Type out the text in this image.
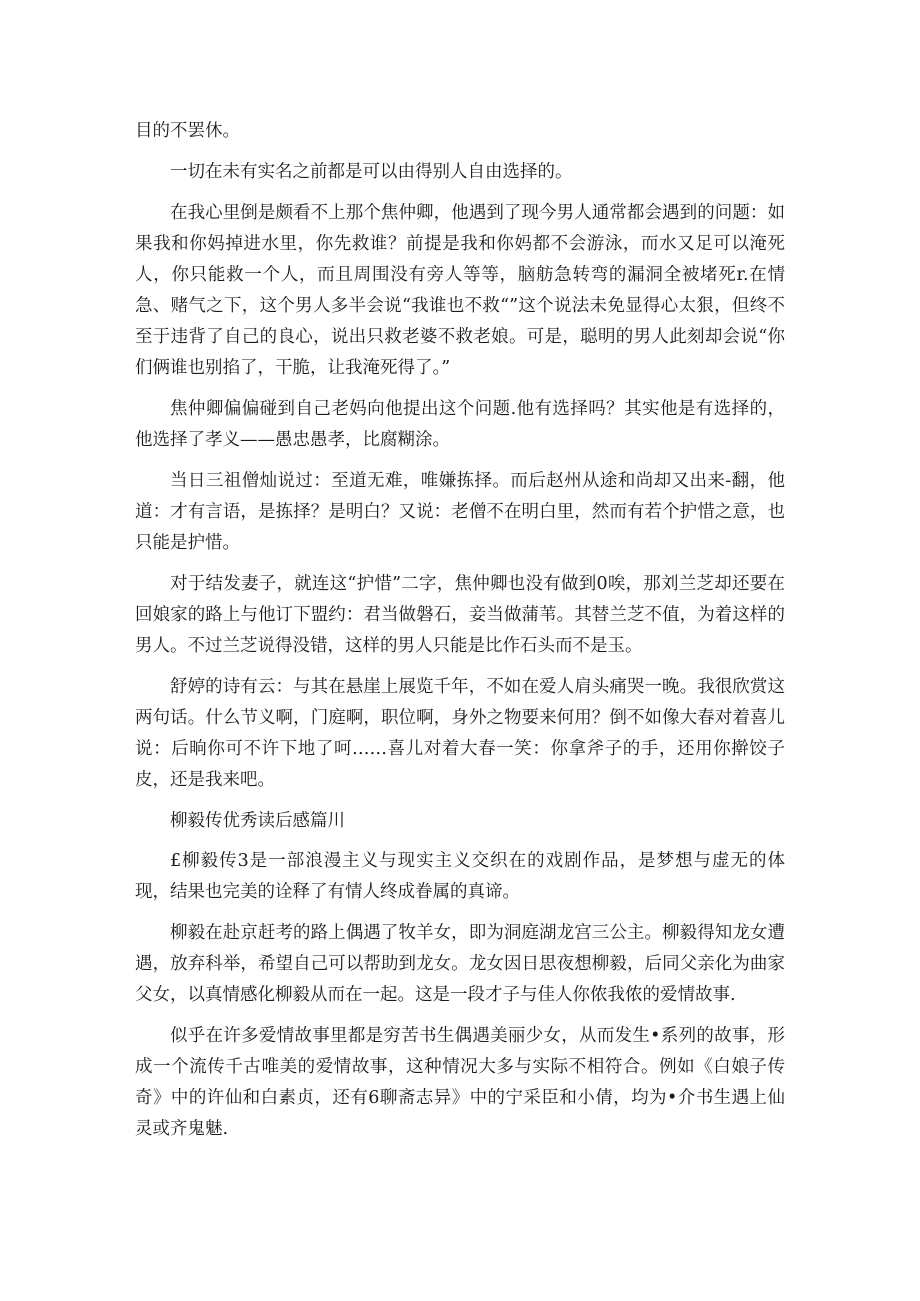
目的不罢休。

一切在未有实名之前都是可以由得别人自由选择的。

在我心里倒是颇看不上那个焦仲卿，他遇到了现今男人通常都会遇到的问题：如果我和你妈掉进水里，你先救谁？前提是我和你妈都不会游泳，而水又足可以淹死人，你只能救一个人，而且周围没有旁人等等，脑舫急转弯的漏洞全被堵死r.在情急、赌气之下，这个男人多半会说“我谁也不救“”这个说法未免显得心太狠，但终不至于违背了自己的良心，说出只救老婆不救老娘。可是，聪明的男人此刻却会说“你们俩谁也别掐了，干脆，让我淹死得了。”

焦仲卿偏偏碰到自己老妈向他提出这个问题.他有选择吗？其实他是有选择的，他选择了孝义——愚忠愚孝，比腐糊涂。

当日三祖僧灿说过：至道无难，唯嫌拣择。而后赵州从途和尚却又出来-翻，他道：才有言语，是拣择？是明白？又说：老僧不在明白里，然而有若个护惜之意，也只能是护惜。

对于结发妻子，就连这“护惜”二字，焦仲卿也没有做到0唉，那刘兰芝却还要在回娘家的路上与他订下盟约：君当做磐石，妾当做蒲苇。其替兰芝不值，为着这样的男人。不过兰芝说得没错，这样的男人只能是比作石头而不是玉。

舒婷的诗有云：与其在悬崖上展览千年，不如在爱人肩头痛哭一晚。我很欣赏这两句话。什么节义啊，门庭啊，职位啊，身外之物要来何用？倒不如像大春对着喜儿说：后晌你可不许下地了呵……喜儿对着大春一笑：你拿斧子的手，还用你擀饺子皮，还是我来吧。

柳毅传优秀读后感篇川

£柳毅传3是一部浪漫主义与现实主义交织在的戏剧作品，是梦想与虚无的体现，结果也完美的诠释了有情人终成眷属的真谛。

柳毅在赴京赶考的路上偶遇了牧羊女，即为洞庭湖龙宫三公主。柳毅得知龙女遭遇，放弃科举，希望自己可以帮助到龙女。龙女因日思夜想柳毅，后同父亲化为曲家父女，以真情感化柳毅从而在一起。这是一段才子与佳人你侬我侬的爱情故事.

似乎在许多爱情故事里都是穷苦书生偶遇美丽少女，从而发生•系列的故事，形成一个流传千古唯美的爱情故事，这种情况大多与实际不相符合。例如《白娘子传奇》中的许仙和白素贞，还有6聊斋志异》中的宁采臣和小倩，均为•介书生遇上仙灵或齐鬼魅.
